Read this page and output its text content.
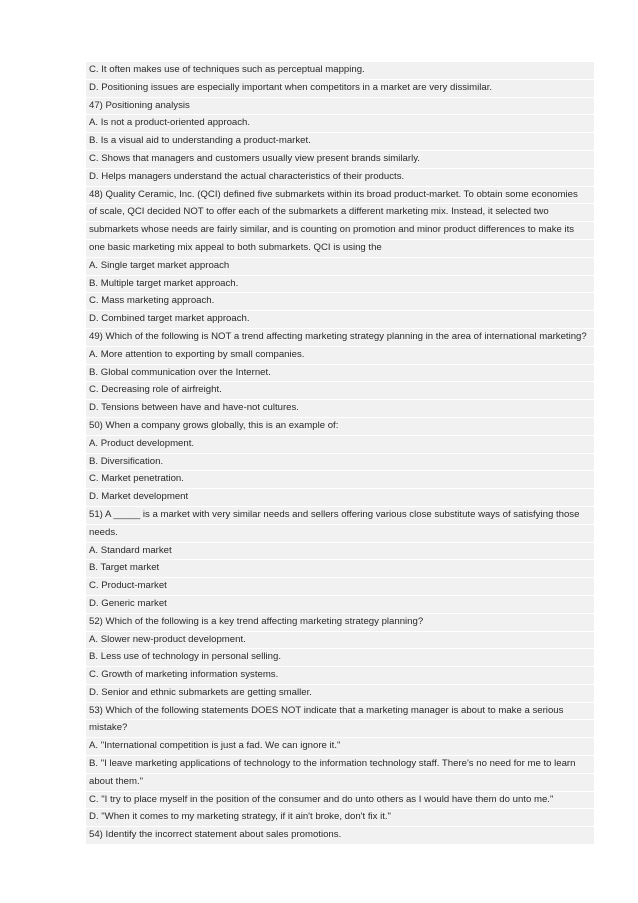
C. It often makes use of techniques such as perceptual mapping.
D. Positioning issues are especially important when competitors in a market are very dissimilar.
47) Positioning analysis
A. Is not a product-oriented approach.
B. Is a visual aid to understanding a product-market.
C. Shows that managers and customers usually view present brands similarly.
D. Helps managers understand the actual characteristics of their products.
48) Quality Ceramic, Inc. (QCI) defined five submarkets within its broad product-market. To obtain some economies
of scale, QCI decided NOT to offer each of the submarkets a different marketing mix. Instead, it selected two
submarkets whose needs are fairly similar, and is counting on promotion and minor product differences to make its
one basic marketing mix appeal to both submarkets. QCI is using the
A. Single target market approach
B. Multiple target market approach.
C. Mass marketing approach.
D. Combined target market approach.
49) Which of the following is NOT a trend affecting marketing strategy planning in the area of international marketing?
A. More attention to exporting by small companies.
B. Global communication over the Internet.
C. Decreasing role of airfreight.
D. Tensions between have and have-not cultures.
50) When a company grows globally, this is an example of:
A. Product development.
B. Diversification.
C. Market penetration.
D. Market development
51) A _____ is a market with very similar needs and sellers offering various close substitute ways of satisfying those
needs.
A. Standard market
B. Target market
C. Product-market
D. Generic market
52) Which of the following is a key trend affecting marketing strategy planning?
A. Slower new-product development.
B. Less use of technology in personal selling.
C. Growth of marketing information systems.
D. Senior and ethnic submarkets are getting smaller.
53) Which of the following statements DOES NOT indicate that a marketing manager is about to make a serious
mistake?
A. "International competition is just a fad. We can ignore it."
B. "I leave marketing applications of technology to the information technology staff. There's no need for me to learn
about them."
C. "I try to place myself in the position of the consumer and do unto others as I would have them do unto me."
D. "When it comes to my marketing strategy, if it ain't broke, don't fix it."
54) Identify the incorrect statement about sales promotions.
